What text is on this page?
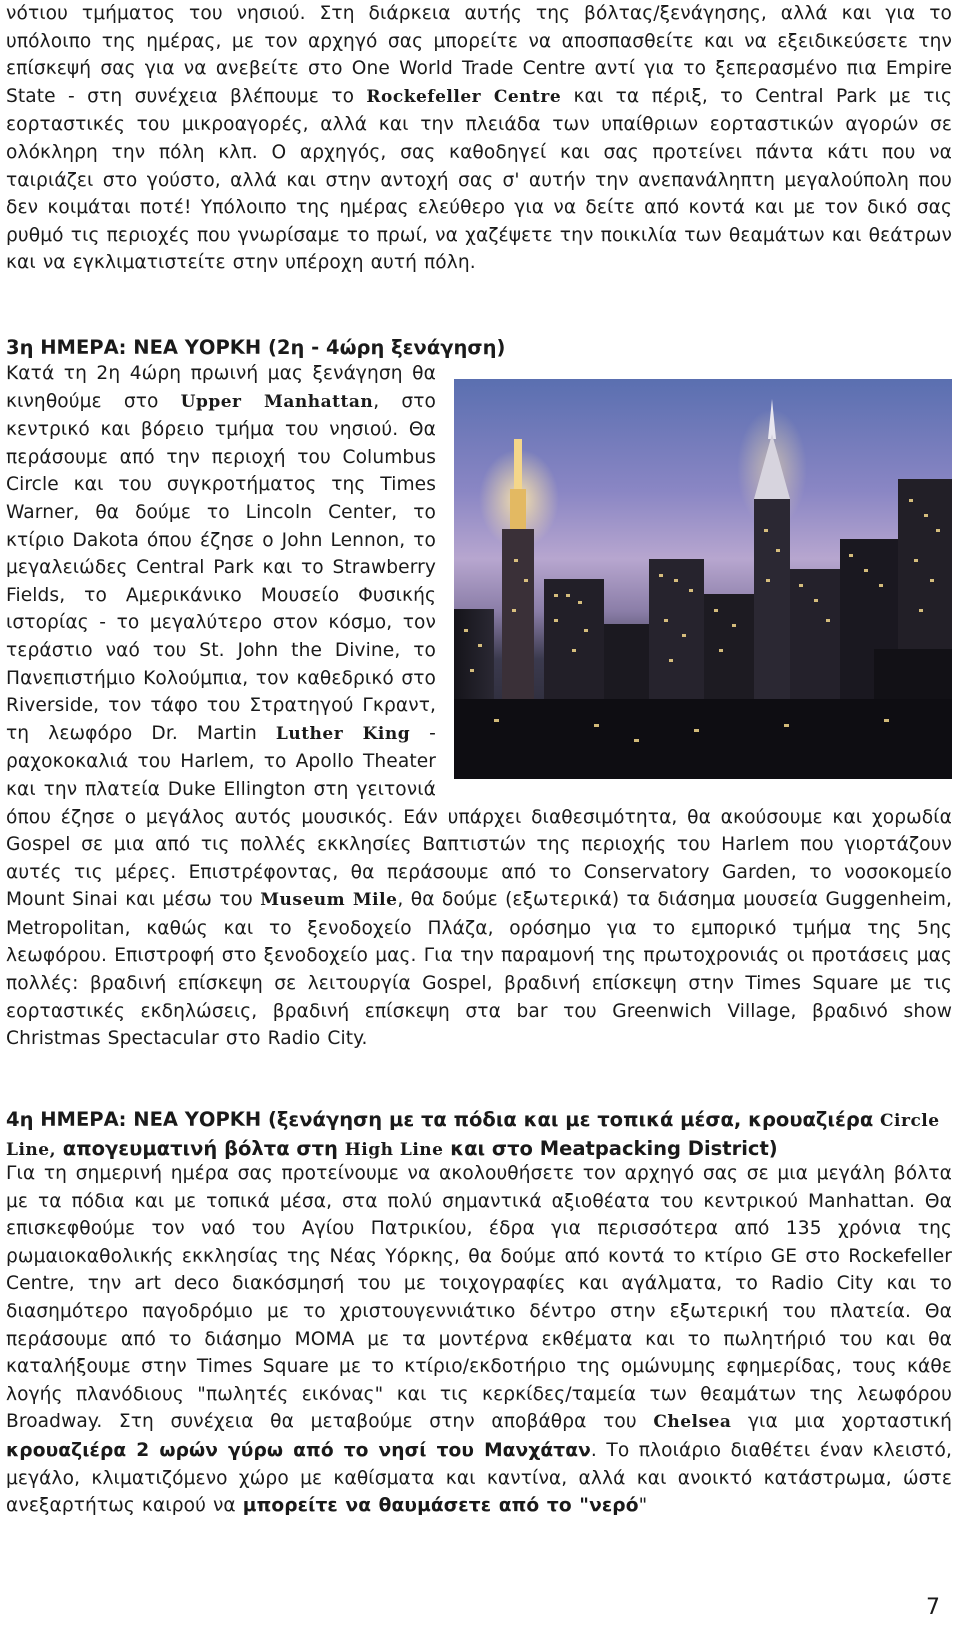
νότιου τμήματος του νησιού. Στη διάρκεια αυτής της βόλτας/ξενάγησης, αλλά και για το υπόλοιπο της ημέρας, με τον αρχηγό σας μπορείτε να αποσπασθείτε και να εξειδικεύσετε την επίσκεψή σας για να ανεβείτε στο One World Trade Centre αντί για το ξεπερασμένο πια Empire State - στη συνέχεια βλέπουμε το Rockefeller Centre και τα πέριξ, το Central Park με τις εορταστικές του μικροαγορές, αλλά και την πλειάδα των υπαίθριων εορταστικών αγορών σε ολόκληρη την πόλη κλπ. Ο αρχηγός, σας καθοδηγεί και σας προτείνει πάντα κάτι που να ταιριάζει στο γούστο, αλλά και στην αντοχή σας σ' αυτήν την ανεπανάληπτη μεγαλούπολη που δεν κοιμάται ποτέ! Υπόλοιπο της ημέρας ελεύθερο για να δείτε από κοντά και με τον δικό σας ρυθμό τις περιοχές που γνωρίσαμε το πρωί, να χαζέψετε την ποικιλία των θεαμάτων και θεάτρων και να εγκλιματιστείτε στην υπέροχη αυτή πόλη.

3η ΗΜΕΡΑ: ΝΕΑ ΥΟΡΚΗ (2η - 4ώρη ξενάγηση)

Κατά τη 2η 4ώρη πρωινή μας ξενάγηση θα κινηθούμε στο Upper Manhattan, στο κεντρικό και βόρειο τμήμα του νησιού. Θα περάσουμε από την περιοχή του Columbus Circle και του συγκροτήματος της Times Warner, θα δούμε το Lincoln Center, το κτίριο Dakota όπου έζησε ο John Lennon, το μεγαλειώδες Central Park και το Strawberry Fields, το Αμερικάνικο Μουσείο Φυσικής ιστορίας - το μεγαλύτερο στον κόσμο, τον τεράστιο ναό του St. John the Divine, το Πανεπιστήμιο Κολούμπια, τον καθεδρικό στο Riverside, τον τάφο του Στρατηγού Γκραντ, τη λεωφόρο Dr. Martin Luther King - ραχοκοκαλιά του Harlem, το Apollo Theater και την πλατεία Duke Ellington στη γειτονιά όπου έζησε ο μεγάλος αυτός μουσικός. Εάν υπάρχει διαθεσιμότητα, θα ακούσουμε και χορωδία Gospel σε μια από τις πολλές εκκλησίες Βαπτιστών της περιοχής του Harlem που γιορτάζουν αυτές τις μέρες. Επιστρέφοντας, θα περάσουμε από το Conservatory Garden, το νοσοκομείο Mount Sinai και μέσω του Museum Mile, θα δούμε (εξωτερικά) τα διάσημα μουσεία Guggenheim, Metropolitan, καθώς και το ξενοδοχείο Πλάζα, ορόσημο για το εμπορικό τμήμα της 5ης λεωφόρου. Επιστροφή στο ξενοδοχείο μας. Για την παραμονή της πρωτοχρονιάς οι προτάσεις μας πολλές: βραδινή επίσκεψη σε λειτουργία Gospel, βραδινή επίσκεψη στην Times Square με τις εορταστικές εκδηλώσεις, βραδινή επίσκεψη στα bar του Greenwich Village, βραδινό show Christmas Spectacular στο Radio City.

4η ΗΜΕΡΑ: ΝΕΑ ΥΟΡΚΗ (ξενάγηση με τα πόδια και με τοπικά μέσα, κρουαζιέρα Circle Line, απογευματινή βόλτα στη High Line και στο Meatpacking District)

Για τη σημερινή ημέρα σας προτείνουμε να ακολουθήσετε τον αρχηγό σας σε μια μεγάλη βόλτα με τα πόδια και με τοπικά μέσα, στα πολύ σημαντικά αξιοθέατα του κεντρικού Manhattan. Θα επισκεφθούμε τον ναό του Αγίου Πατρικίου, έδρα για περισσότερα από 135 χρόνια της ρωμαιοκαθολικής εκκλησίας της Νέας Υόρκης, θα δούμε από κοντά το κτίριο GE στο Rockefeller Centre, την art deco διακόσμησή του με τοιχογραφίες και αγάλματα, το Radio City και το διασημότερο παγοδρόμιο με το χριστουγεννιάτικο δέντρο στην εξωτερική του πλατεία. Θα περάσουμε από το διάσημο MOMA με τα μοντέρνα εκθέματα και το πωλητήριό του και θα καταλήξουμε στην Times Square με το κτίριο/εκδοτήριο της ομώνυμης εφημερίδας, τους κάθε λογής πλανόδιους "πωλητές εικόνας" και τις κερκίδες/ταμεία των θεαμάτων της λεωφόρου Broadway. Στη συνέχεια θα μεταβούμε στην αποβάθρα του Chelsea για μια χορταστική κρουαζιέρα 2 ωρών γύρω από το νησί του Μανχάταν. Το πλοιάριο διαθέτει έναν κλειστό, μεγάλο, κλιματιζόμενο χώρο με καθίσματα και καντίνα, αλλά και ανοικτό κατάστρωμα, ώστε ανεξαρτήτως καιρού να μπορείτε να θαυμάσετε από το "νερό"

7
